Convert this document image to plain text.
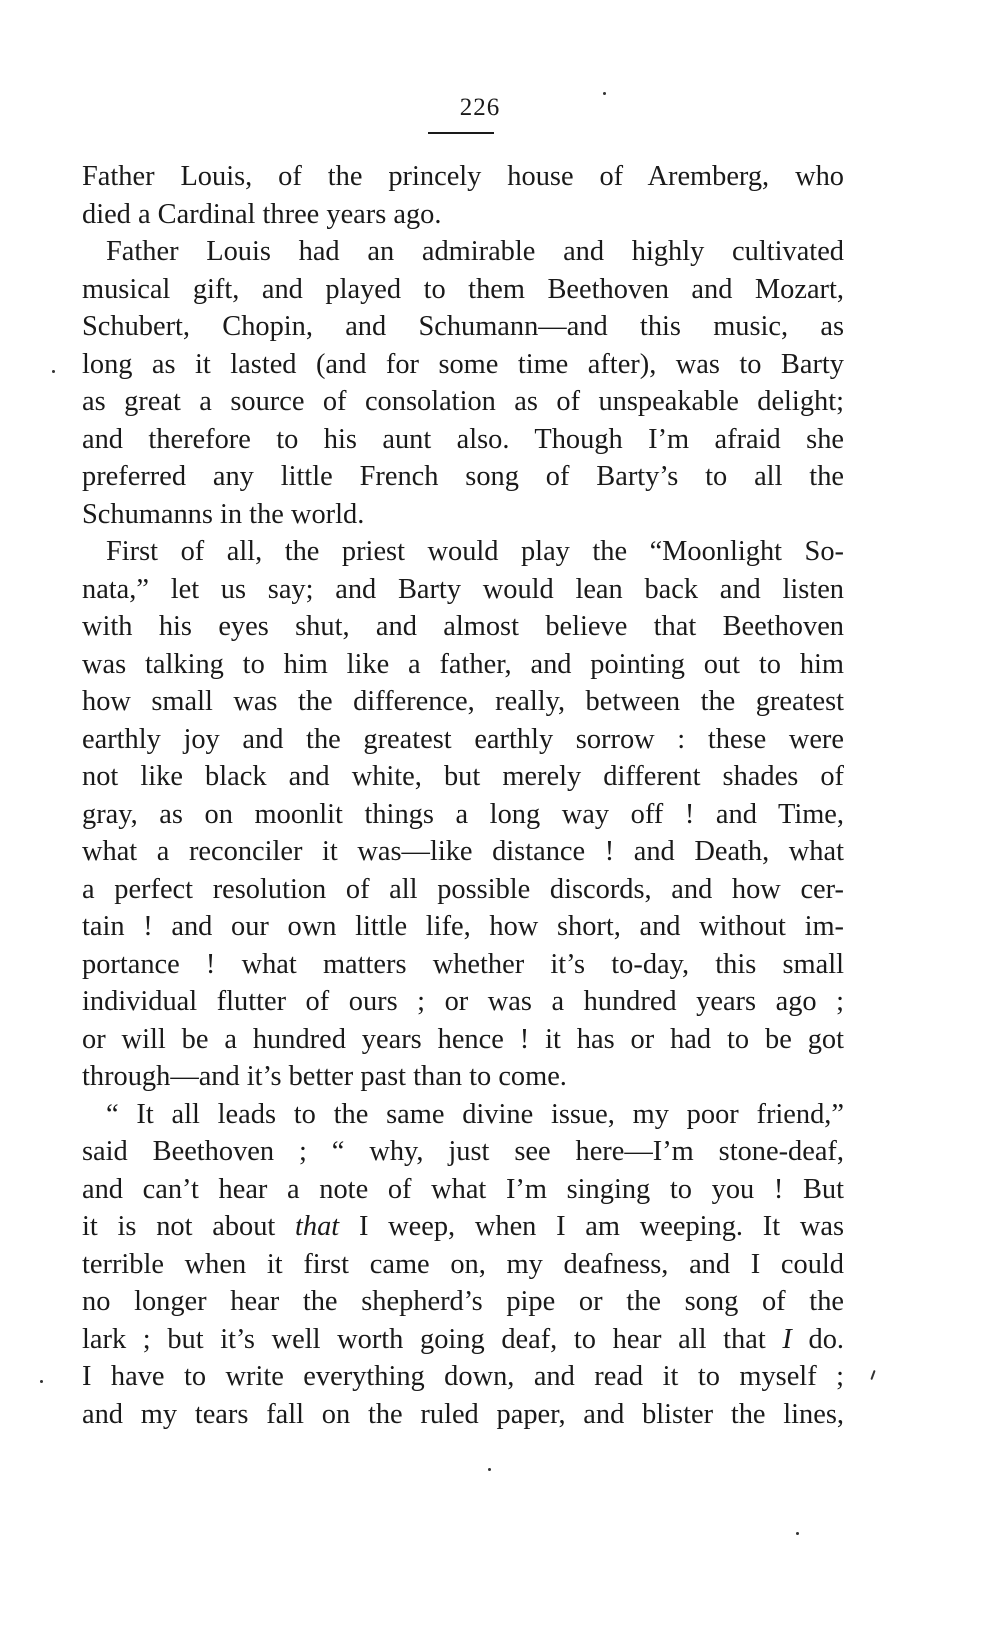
226
Father Louis, of the princely house of Aremberg, who
died a Cardinal three years ago.
Father Louis had an admirable and highly cultivated
musical gift, and played to them Beethoven and Mozart,
Schubert, Chopin, and Schumann—and this music, as
long as it lasted (and for some time after), was to Barty
as great a source of consolation as of unspeakable delight;
and therefore to his aunt also. Though I’m afraid she
preferred any little French song of Barty’s to all the
Schumanns in the world.
First of all, the priest would play the “Moonlight So-
nata,” let us say; and Barty would lean back and listen
with his eyes shut, and almost believe that Beethoven
was talking to him like a father, and pointing out to him
how small was the difference, really, between the greatest
earthly joy and the greatest earthly sorrow : these were
not like black and white, but merely different shades of
gray, as on moonlit things a long way off ! and Time,
what a reconciler it was—like distance ! and Death, what
a perfect resolution of all possible discords, and how cer-
tain ! and our own little life, how short, and without im-
portance ! what matters whether it’s to-day, this small
individual flutter of ours ; or was a hundred years ago ;
or will be a hundred years hence ! it has or had to be got
through—and it’s better past than to come.
“ It all leads to the same divine issue, my poor friend,”
said Beethoven ; “ why, just see here—I’m stone-deaf,
and can’t hear a note of what I’m singing to you ! But
it is not about that I weep, when I am weeping. It was
terrible when it first came on, my deafness, and I could
no longer hear the shepherd’s pipe or the song of the
lark ; but it’s well worth going deaf, to hear all that I do.
I have to write everything down, and read it to myself ;
and my tears fall on the ruled paper, and blister the lines,
